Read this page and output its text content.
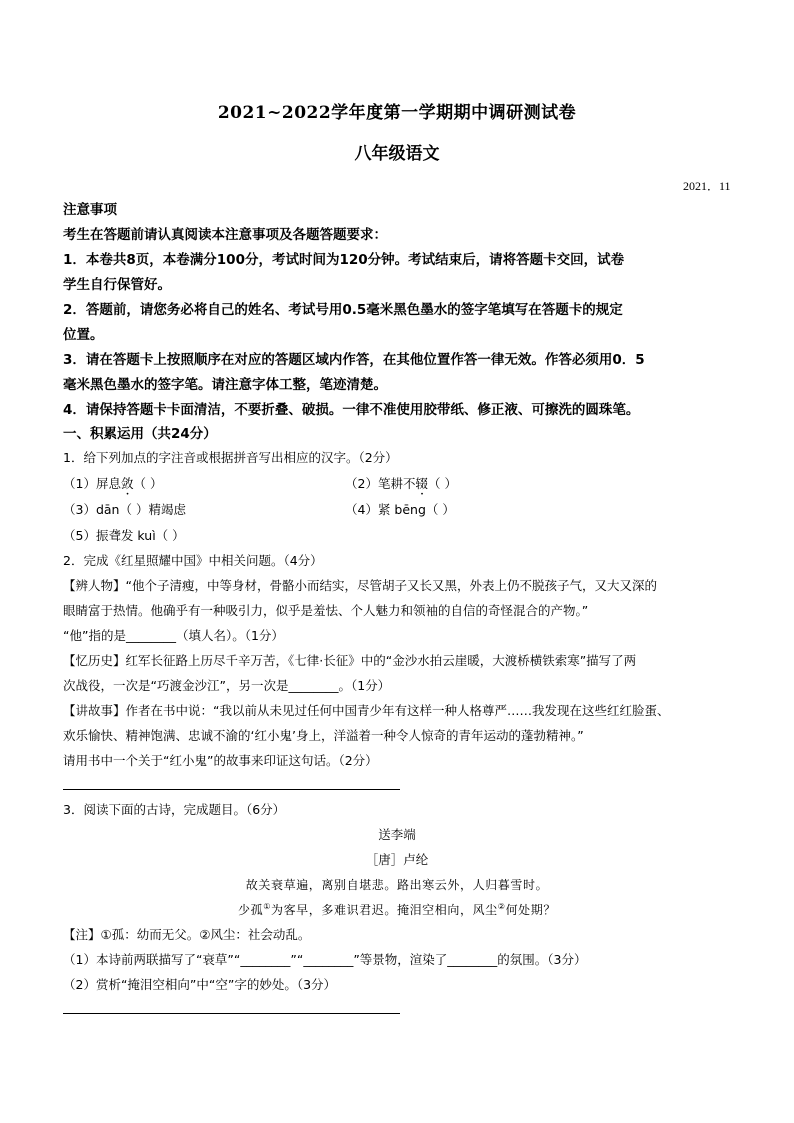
2021~2022学年度第一学期期中调研测试卷
八年级语文
2021．11
注意事项
考生在答题前请认真阅读本注意事项及各题答题要求：
1．本卷共8页，本卷满分100分，考试时间为120分钟。考试结束后，请将答题卡交回，试卷
学生自行保管好。
2．答题前，请您务必将自己的姓名、考试号用0.5毫米黑色墨水的签字笔填写在答题卡的规定
位置。
3．请在答题卡上按照顺序在对应的答题区域内作答，在其他位置作答一律无效。作答必须用0．5
毫米黑色墨水的签字笔。请注意字体工整，笔迹清楚。
4．请保持答题卡卡面清洁，不要折叠、破损。一律不准使用胶带纸、修正液、可擦洗的圆珠笔。
一、积累运用（共24分）
1．给下列加点的字注音或根据拼音写出相应的汉字。（2分）
（1）屏息敛（ ）	（2）笔耕不辍（ ）
（3）dān（ ）精竭虑	（4）紧 bēng（ ）
（5）振聋发 kuì（ ）
2．完成《红星照耀中国》中相关问题。（4分）
【辨人物】“他个子清瘦，中等身材，骨骼小而结实，尽管胡子又长又黑，外表上仍不脱孩子气，又大又深的
眼睛富于热情。他确乎有一种吸引力，似乎是羞怯、个人魅力和领袖的自信的奇怪混合的产物。”
“他”指的是________（填人名）。（1分）
【忆历史】红军长征路上历尽千辛万苦，《七律·长征》中的“金沙水拍云崖暖，大渡桥横铁索寒”描写了两
次战役，一次是“巧渡金沙江”，另一次是________。（1分）
【讲故事】作者在书中说：“我以前从未见过任何中国青少年有这样一种人格尊严……我发现在这些红红脸蛋、
欢乐愉快、精神饱满、忠诚不渝的‘红小鬼’身上，洋溢着一种令人惊奇的青年运动的蓬勃精神。”
请用书中一个关于“红小鬼”的故事来印证这句话。（2分）
3．阅读下面的古诗，完成题目。（6分）
送李端
［唐］卢纶
故关衰草遍，离别自堪悲。路出寒云外，人归暮雪时。
少孤①为客早，多难识君迟。掩泪空相向，风尘②何处期？
【注】①孤：幼而无父。②风尘：社会动乱。
（1）本诗前两联描写了“衰草”“________”“________”等景物，渲染了________的氛围。（3分）
（2）赏析“掩泪空相向”中“空”字的妙处。（3分）
